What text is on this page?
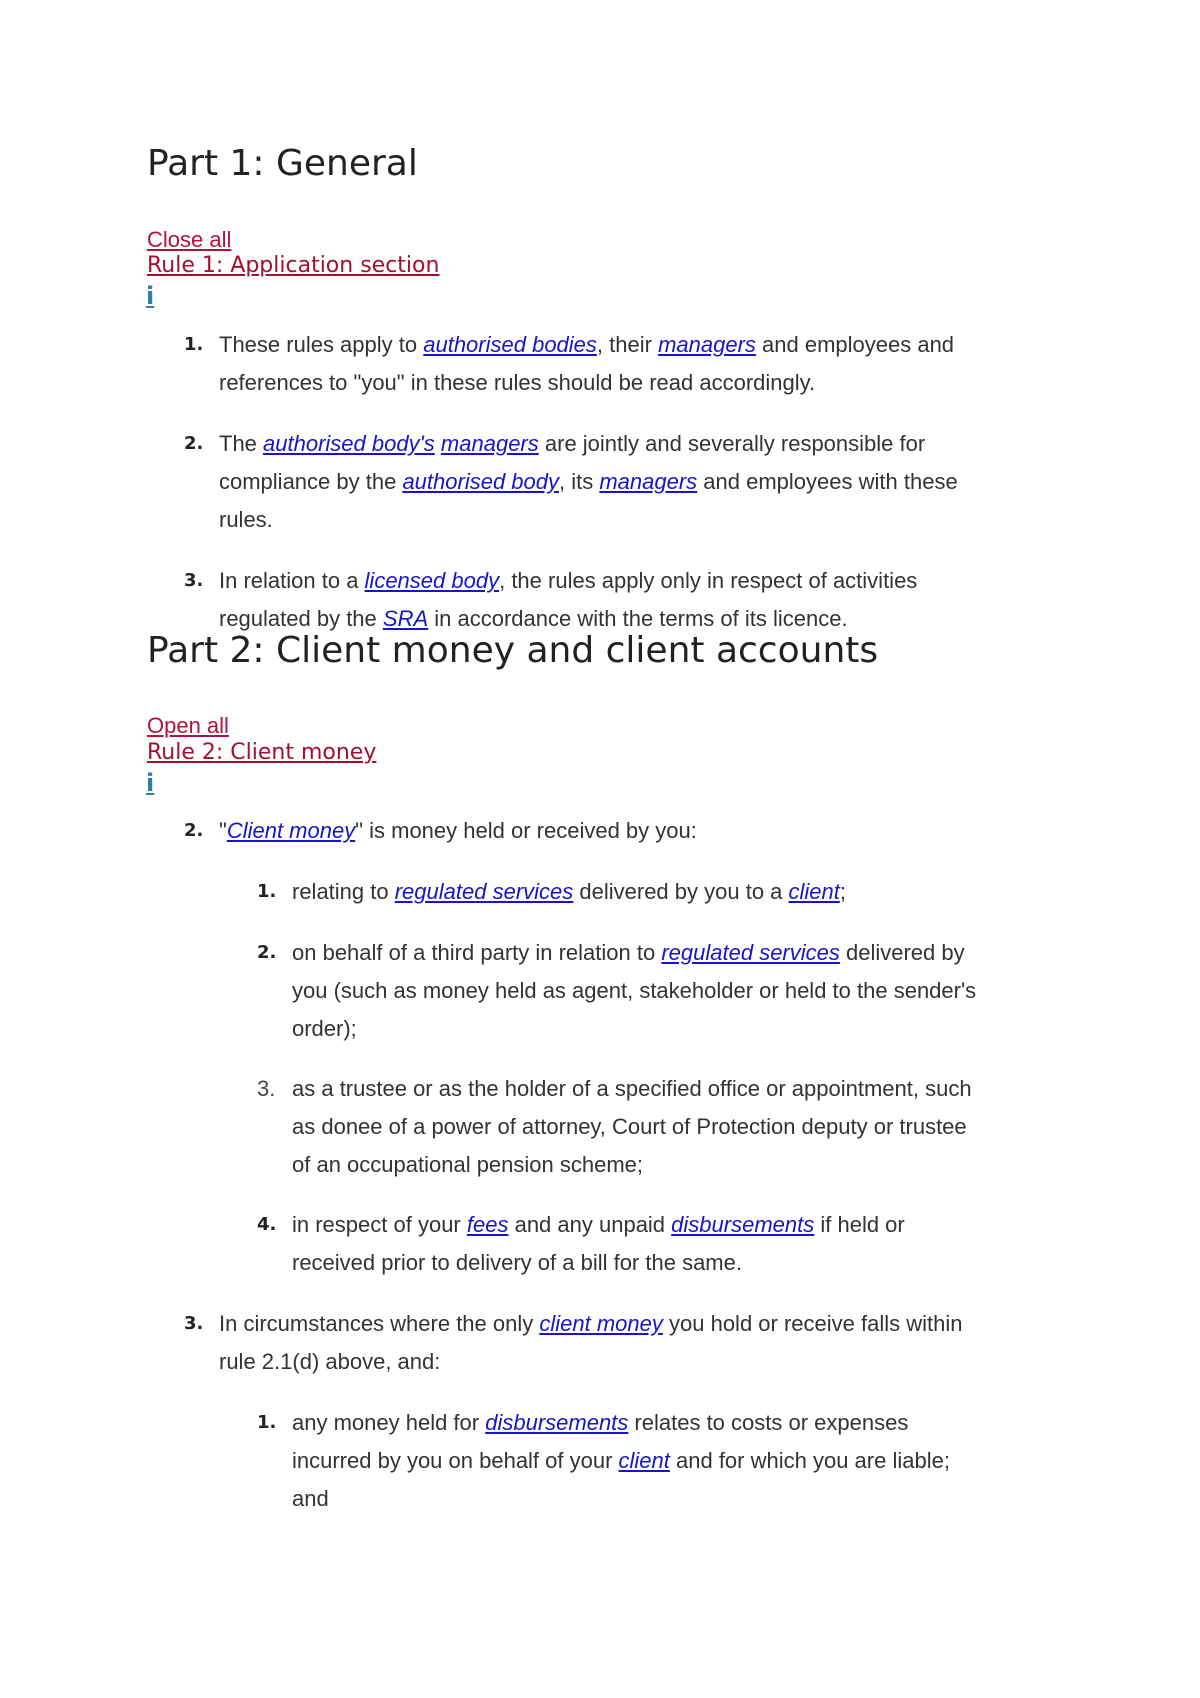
Part 1: General
Close all
Rule 1: Application section
i
1. These rules apply to authorised bodies, their managers and employees and
references to "you" in these rules should be read accordingly.
2. The authorised body's managers are jointly and severally responsible for
compliance by the authorised body, its managers and employees with these
rules.
3. In relation to a licensed body, the rules apply only in respect of activities
regulated by the SRA in accordance with the terms of its licence.
Part 2: Client money and client accounts
Open all
Rule 2: Client money
i
2. "Client money" is money held or received by you:
1. relating to regulated services delivered by you to a client;
2. on behalf of a third party in relation to regulated services delivered by
you (such as money held as agent, stakeholder or held to the sender's
order);
3. as a trustee or as the holder of a specified office or appointment, such
as donee of a power of attorney, Court of Protection deputy or trustee
of an occupational pension scheme;
4. in respect of your fees and any unpaid disbursements if held or
received prior to delivery of a bill for the same.
3. In circumstances where the only client money you hold or receive falls within
rule 2.1(d) above, and:
1. any money held for disbursements relates to costs or expenses
incurred by you on behalf of your client and for which you are liable;
and
